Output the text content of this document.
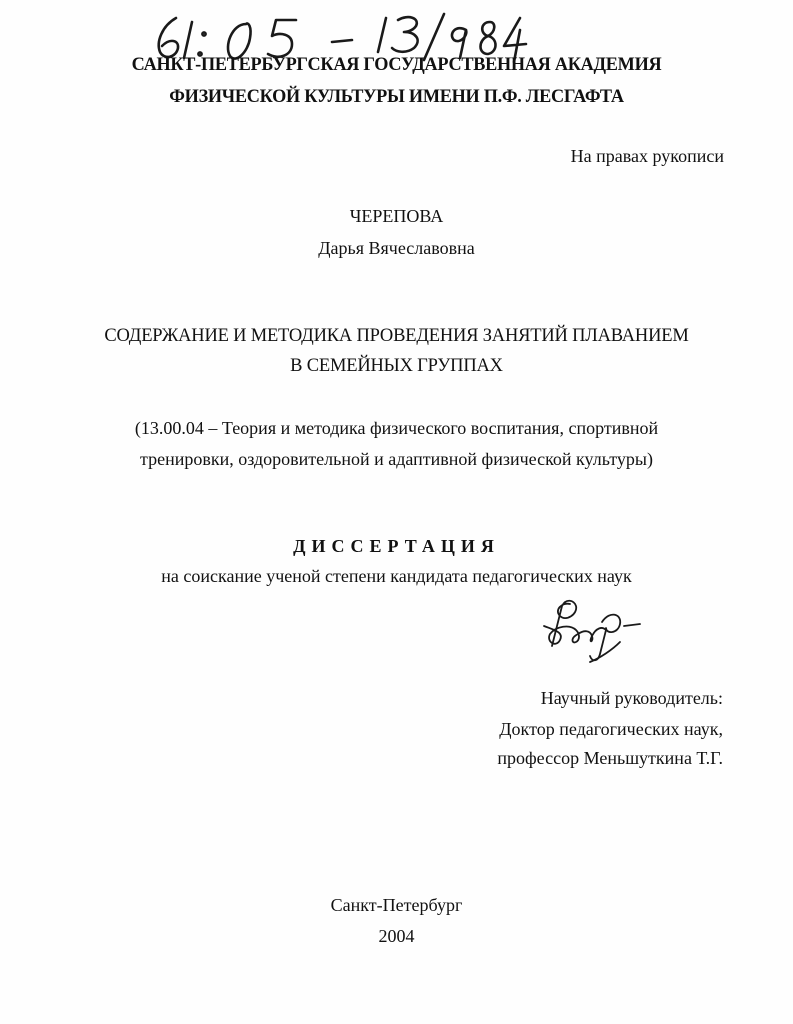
САНКТ-ПЕТЕРБУРГСКАЯ ГОСУДАРСТВЕННАЯ АКАДЕМИЯ
ФИЗИЧЕСКОЙ КУЛЬТУРЫ ИМЕНИ П.Ф. ЛЕСГАФТА
На правах рукописи
ЧЕРЕПОВА
Дарья Вячеславовна
СОДЕРЖАНИЕ И МЕТОДИКА ПРОВЕДЕНИЯ ЗАНЯТИЙ ПЛАВАНИЕМ
В СЕМЕЙНЫХ ГРУППАХ
(13.00.04 – Теория и методика физического воспитания, спортивной
тренировки, оздоровительной и адаптивной физической культуры)
ДИССЕРТАЦИЯ
на соискание ученой степени кандидата педагогических наук
Научный руководитель:
Доктор педагогических наук,
профессор Меньшуткина Т.Г.
Санкт-Петербург
2004
